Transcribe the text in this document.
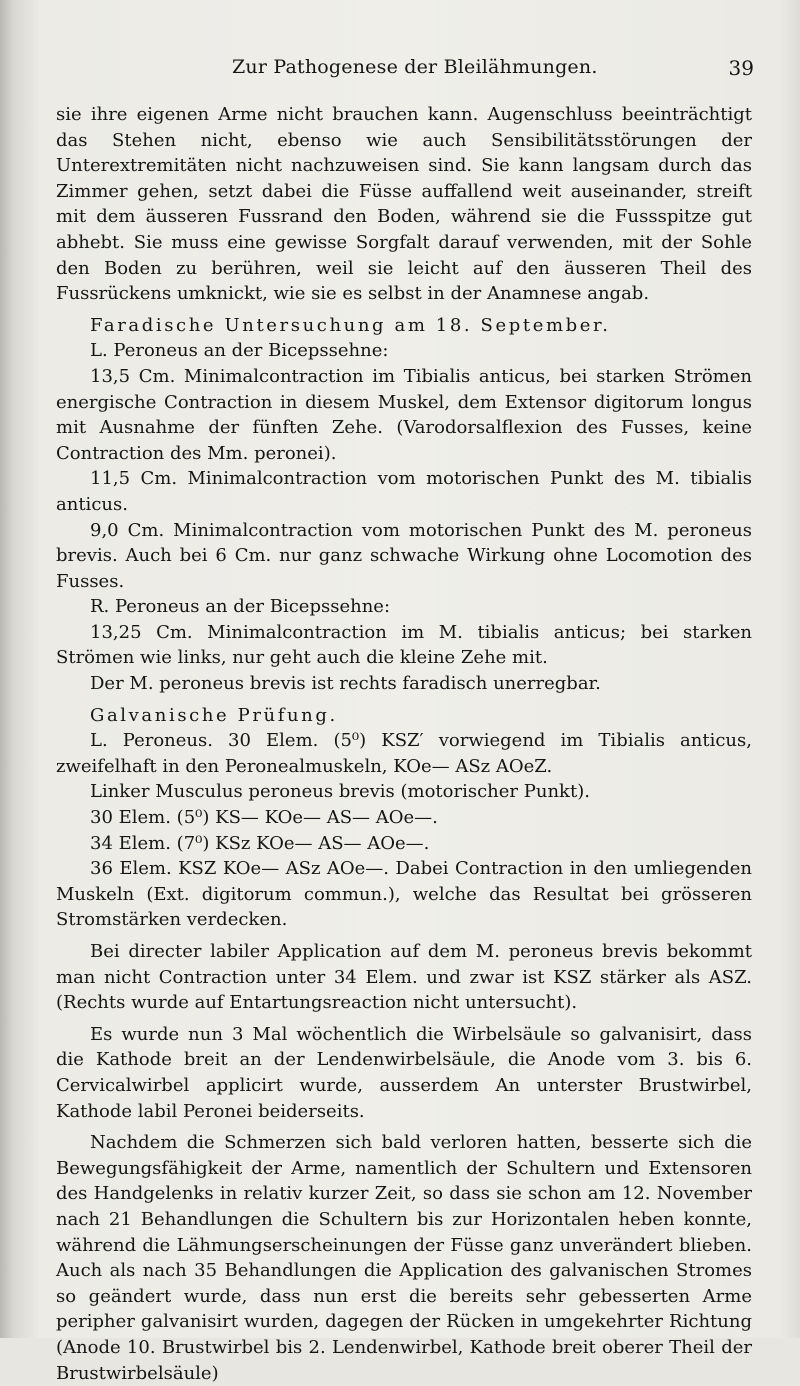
Zur Pathogenese der Bleilähmungen.	39

sie ihre eigenen Arme nicht brauchen kann. Augenschluss beeinträchtigt das Stehen nicht, ebenso wie auch Sensibilitätsstörungen der Unterextremitäten nicht nachzuweisen sind. Sie kann langsam durch das Zimmer gehen, setzt dabei die Füsse auffallend weit auseinander, streift mit dem äusseren Fussrand den Boden, während sie die Fussspitze gut abhebt. Sie muss eine gewisse Sorgfalt darauf verwenden, mit der Sohle den Boden zu berühren, weil sie leicht auf den äusseren Theil des Fussrückens umknickt, wie sie es selbst in der Anamnese angab.

Faradische Untersuchung am 18. September.

L. Peroneus an der Bicepssehne:

13,5 Cm. Minimalcontraction im Tibialis anticus, bei starken Strömen energische Contraction in diesem Muskel, dem Extensor digitorum longus mit Ausnahme der fünften Zehe. (Varodorsalflexion des Fusses, keine Contraction des Mm. peronei).

11,5 Cm. Minimalcontraction vom motorischen Punkt des M. tibialis anticus.

9,0 Cm. Minimalcontraction vom motorischen Punkt des M. peroneus brevis. Auch bei 6 Cm. nur ganz schwache Wirkung ohne Locomotion des Fusses.

R. Peroneus an der Bicepssehne:

13,25 Cm. Minimalcontraction im M. tibialis anticus; bei starken Strömen wie links, nur geht auch die kleine Zehe mit.

Der M. peroneus brevis ist rechts faradisch unerregbar.

Galvanische Prüfung.

L. Peroneus. 30 Elem. (5⁰) KSZ′ vorwiegend im Tibialis anticus, zweifelhaft in den Peronealmuskeln, KOe— ASz AOeZ.

Linker Musculus peroneus brevis (motorischer Punkt).

30 Elem. (5⁰) KS— KOe— AS— AOe—.

34 Elem. (7⁰) KSz KOe— AS— AOe—.

36 Elem. KSZ KOe— ASz AOe—. Dabei Contraction in den umliegenden Muskeln (Ext. digitorum commun.), welche das Resultat bei grösseren Stromstärken verdecken.

Bei directer labiler Application auf dem M. peroneus brevis bekommt man nicht Contraction unter 34 Elem. und zwar ist KSZ stärker als ASZ. (Rechts wurde auf Entartungsreaction nicht untersucht).

Es wurde nun 3 Mal wöchentlich die Wirbelsäule so galvanisirt, dass die Kathode breit an der Lendenwirbelsäule, die Anode vom 3. bis 6. Cervicalwirbel applicirt wurde, ausserdem An unterster Brustwirbel, Kathode labil Peronei beiderseits.

Nachdem die Schmerzen sich bald verloren hatten, besserte sich die Bewegungsfähigkeit der Arme, namentlich der Schultern und Extensoren des Handgelenks in relativ kurzer Zeit, so dass sie schon am 12. November nach 21 Behandlungen die Schultern bis zur Horizontalen heben konnte, während die Lähmungserscheinungen der Füsse ganz unverändert blieben. Auch als nach 35 Behandlungen die Application des galvanischen Stromes so geändert wurde, dass nun erst die bereits sehr gebesserten Arme peripher galvanisirt wurden, dagegen der Rücken in umgekehrter Richtung (Anode 10. Brustwirbel bis 2. Lendenwirbel, Kathode breit oberer Theil der Brustwirbelsäule)
